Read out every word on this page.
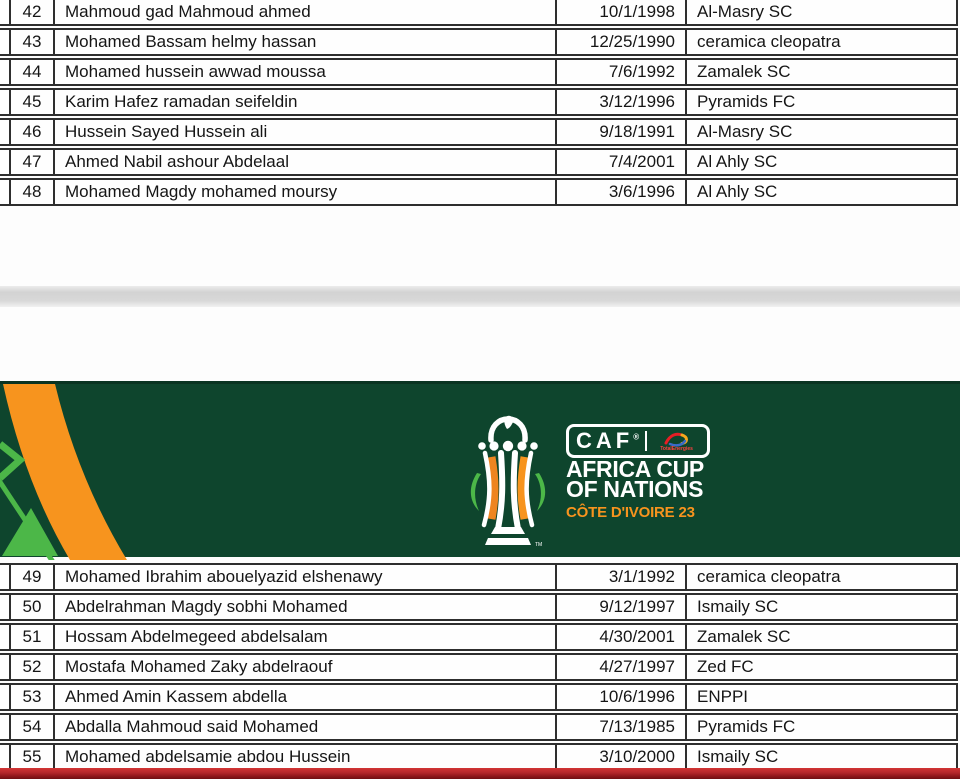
42	Mahmoud gad Mahmoud ahmed	10/1/1998	Al-Masry SC
43	Mohamed Bassam helmy hassan	12/25/1990	ceramica cleopatra
44	Mohamed hussein awwad moussa	7/6/1992	Zamalek SC
45	Karim Hafez ramadan seifeldin	3/12/1996	Pyramids FC
46	Hussein Sayed Hussein ali	9/18/1991	Al-Masry SC
47	Ahmed Nabil ashour Abdelaal	7/4/2001	Al Ahly SC
48	Mohamed Magdy mohamed moursy	3/6/1996	Al Ahly SC
TM
CAF®
TotalEnergies
AFRICA CUP
OF NATIONS
CÔTE D'IVOIRE 23
49	Mohamed Ibrahim abouelyazid elshenawy	3/1/1992	ceramica cleopatra
50	Abdelrahman Magdy sobhi Mohamed	9/12/1997	Ismaily SC
51	Hossam Abdelmegeed abdelsalam	4/30/2001	Zamalek SC
52	Mostafa Mohamed Zaky abdelraouf	4/27/1997	Zed FC
53	Ahmed Amin Kassem abdella	10/6/1996	ENPPI
54	Abdalla Mahmoud said Mohamed	7/13/1985	Pyramids FC
55	Mohamed abdelsamie abdou Hussein	3/10/2000	Ismaily SC
